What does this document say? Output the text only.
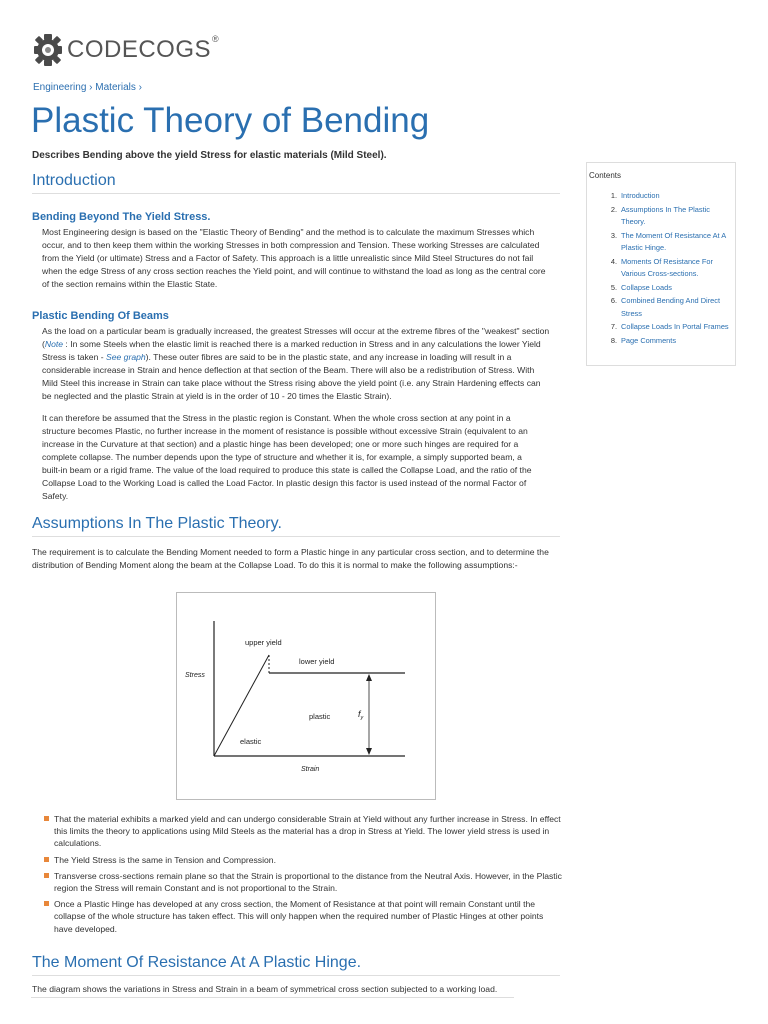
CODECOGS®
Engineering › Materials ›
Plastic Theory of Bending
Describes Bending above the yield Stress for elastic materials (Mild Steel).
Introduction
Bending Beyond The Yield Stress.

Most Engineering design is based on the "Elastic Theory of Bending" and the method is to calculate the maximum Stresses which occur, and to then keep them within the working Stresses in both compression and Tension. These working Stresses are calculated from the Yield (or ultimate) Stress and a Factor of Safety. This approach is a little unrealistic since Mild Steel Structures do not fail when the edge Stress of any cross section reaches the Yield point, and will continue to withstand the load as long as the central core of the section remains within the Elastic State.

Plastic Bending Of Beams

As the load on a particular beam is gradually increased, the greatest Stresses will occur at the extreme fibres of the "weakest" section (Note : In some Steels when the elastic limit is reached there is a marked reduction in Stress and in any calculations the lower Yield Stress is taken - See graph). These outer fibres are said to be in the plastic state, and any increase in loading will result in a considerable increase in Strain and hence deflection at that section of the Beam. There will also be a redistribution of Stress. With Mild Steel this increase in Strain can take place without the Stress rising above the yield point (i.e. any Strain Hardening effects can be neglected and the plastic Strain at yield is in the order of 10 - 20 times the Elastic Strain).

It can therefore be assumed that the Stress in the plastic region is Constant. When the whole cross section at any point in a structure becomes Plastic, no further increase in the moment of resistance is possible without excessive Strain (equivalent to an increase in the Curvature at that section) and a plastic hinge has been developed; one or more such hinges are required for a complete collapse. The number depends upon the type of structure and whether it is, for example, a simply supported beam, a built-in beam or a rigid frame. The value of the load required to produce this state is called the Collapse Load, and the ratio of the Collapse Load to the Working Load is called the Load Factor. In plastic design this factor is used instead of the normal Factor of Safety.

Assumptions In The Plastic Theory.

The requirement is to calculate the Bending Moment needed to form a Plastic hinge in any particular cross section, and to determine the distribution of Bending Moment along the beam at the Collapse Load. To do this it is normal to make the following assumptions:-

Contents
1. Introduction
2. Assumptions In The Plastic Theory.
3. The Moment Of Resistance At A Plastic Hinge.
4. Moments Of Resistance For Various Cross-sections.
5. Collapse Loads
6. Combined Bending And Direct Stress
7. Collapse Loads In Portal Frames
8. Page Comments
upper yield
lower yield
Stress
plastic
elastic
Strain
$f_y$
That the material exhibits a marked yield and can undergo considerable Strain at Yield without any further increase in Stress. In effect this limits the theory to applications using Mild Steels as the material has a drop in Stress at Yield. The lower yield stress is used in calculations.
The Yield Stress is the same in Tension and Compression.
Transverse cross-sections remain plane so that the Strain is proportional to the distance from the Neutral Axis. However, in the Plastic region the Stress will remain Constant and is not proportional to the Strain.
Once a Plastic Hinge has developed at any cross section, the Moment of Resistance at that point will remain Constant until the collapse of the whole structure has taken effect. This will only happen when the required number of Plastic Hinges at other points have developed.
The Moment Of Resistance At A Plastic Hinge.

The diagram shows the variations in Stress and Strain in a beam of symmetrical cross section subjected to a working load.
